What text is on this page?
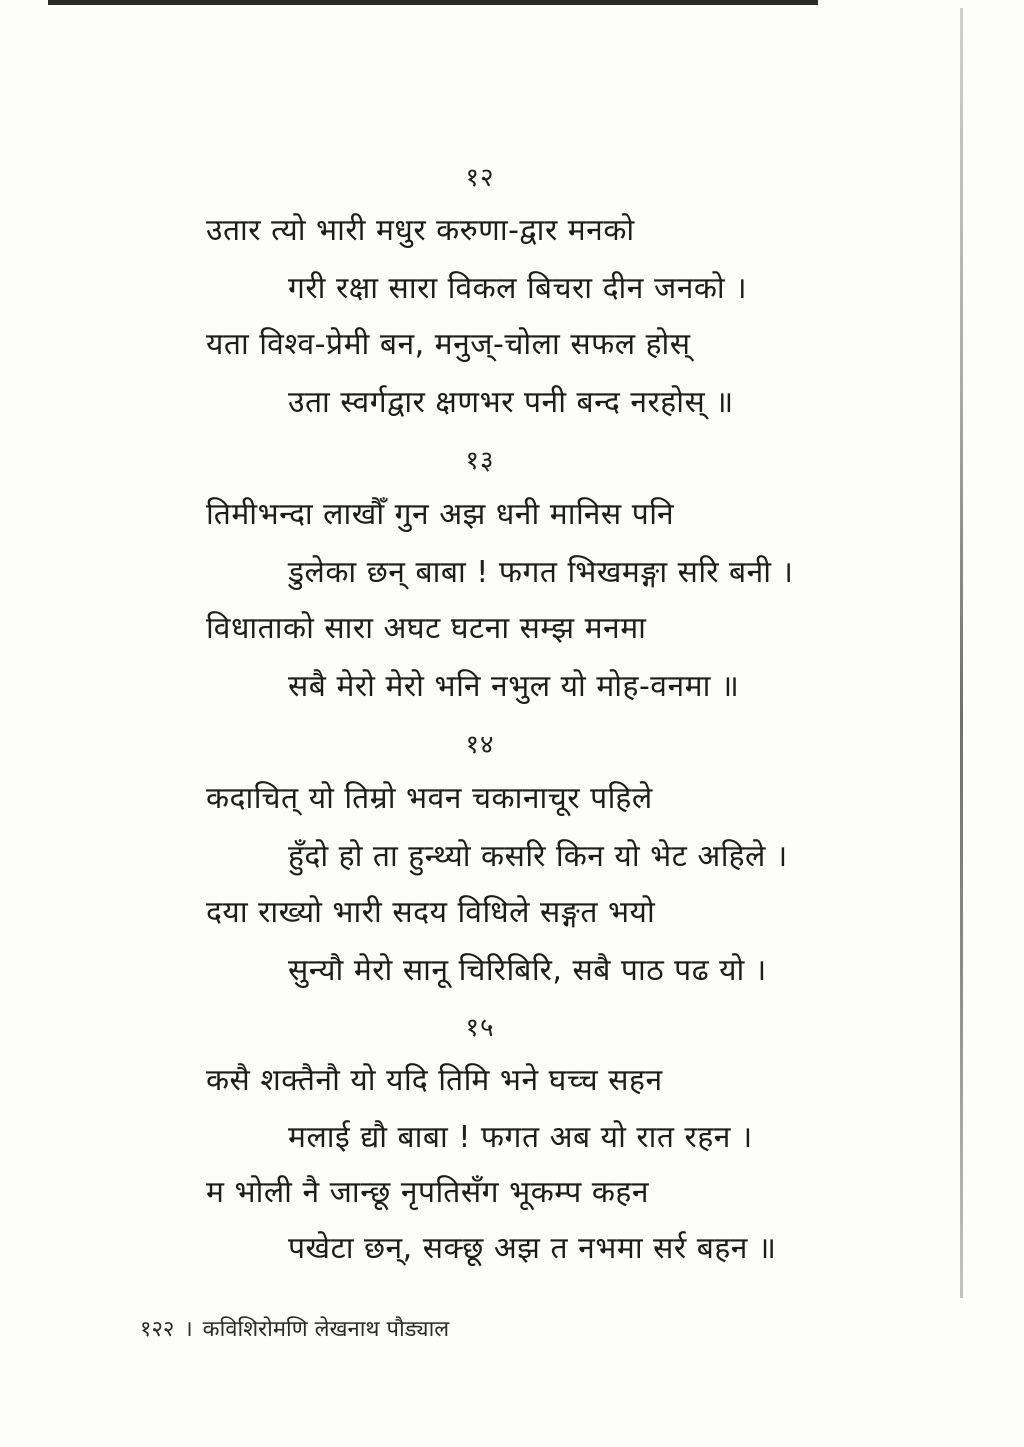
१२
उतार त्यो भारी मधुर करुणा-द्वार मनको
गरी रक्षा सारा विकल बिचरा दीन जनको ।
यता विश्व-प्रेमी बन, मनुज्-चोला सफल होस्
उता स्वर्गद्वार क्षणभर पनी बन्द नरहोस् ॥
१३
तिमीभन्दा लाखौँ गुन अझ धनी मानिस पनि
डुलेका छन् बाबा ! फगत भिखमङ्गा सरि बनी ।
विधाताको सारा अघट घटना सम्झ मनमा
सबै मेरो मेरो भनि नभुल यो मोह-वनमा ॥
१४
कदाचित् यो तिम्रो भवन चकानाचूर पहिले
हुँदो हो ता हुन्थ्यो कसरि किन यो भेट अहिले ।
दया राख्यो भारी सदय विधिले सङ्गत भयो
सुन्यौ मेरो सानू चिरिबिरि, सबै पाठ पढ यो ।
१५
कसै शक्तैनौ यो यदि तिमि भने घच्च सहन
मलाई द्यौ बाबा ! फगत अब यो रात रहन ।
म भोली नै जान्छू नृपतिसँग भूकम्प कहन
पखेटा छन्, सक्छू अझ त नभमा सर्र बहन ॥
१२२ । कविशिरोमणि लेखनाथ पौड्याल
